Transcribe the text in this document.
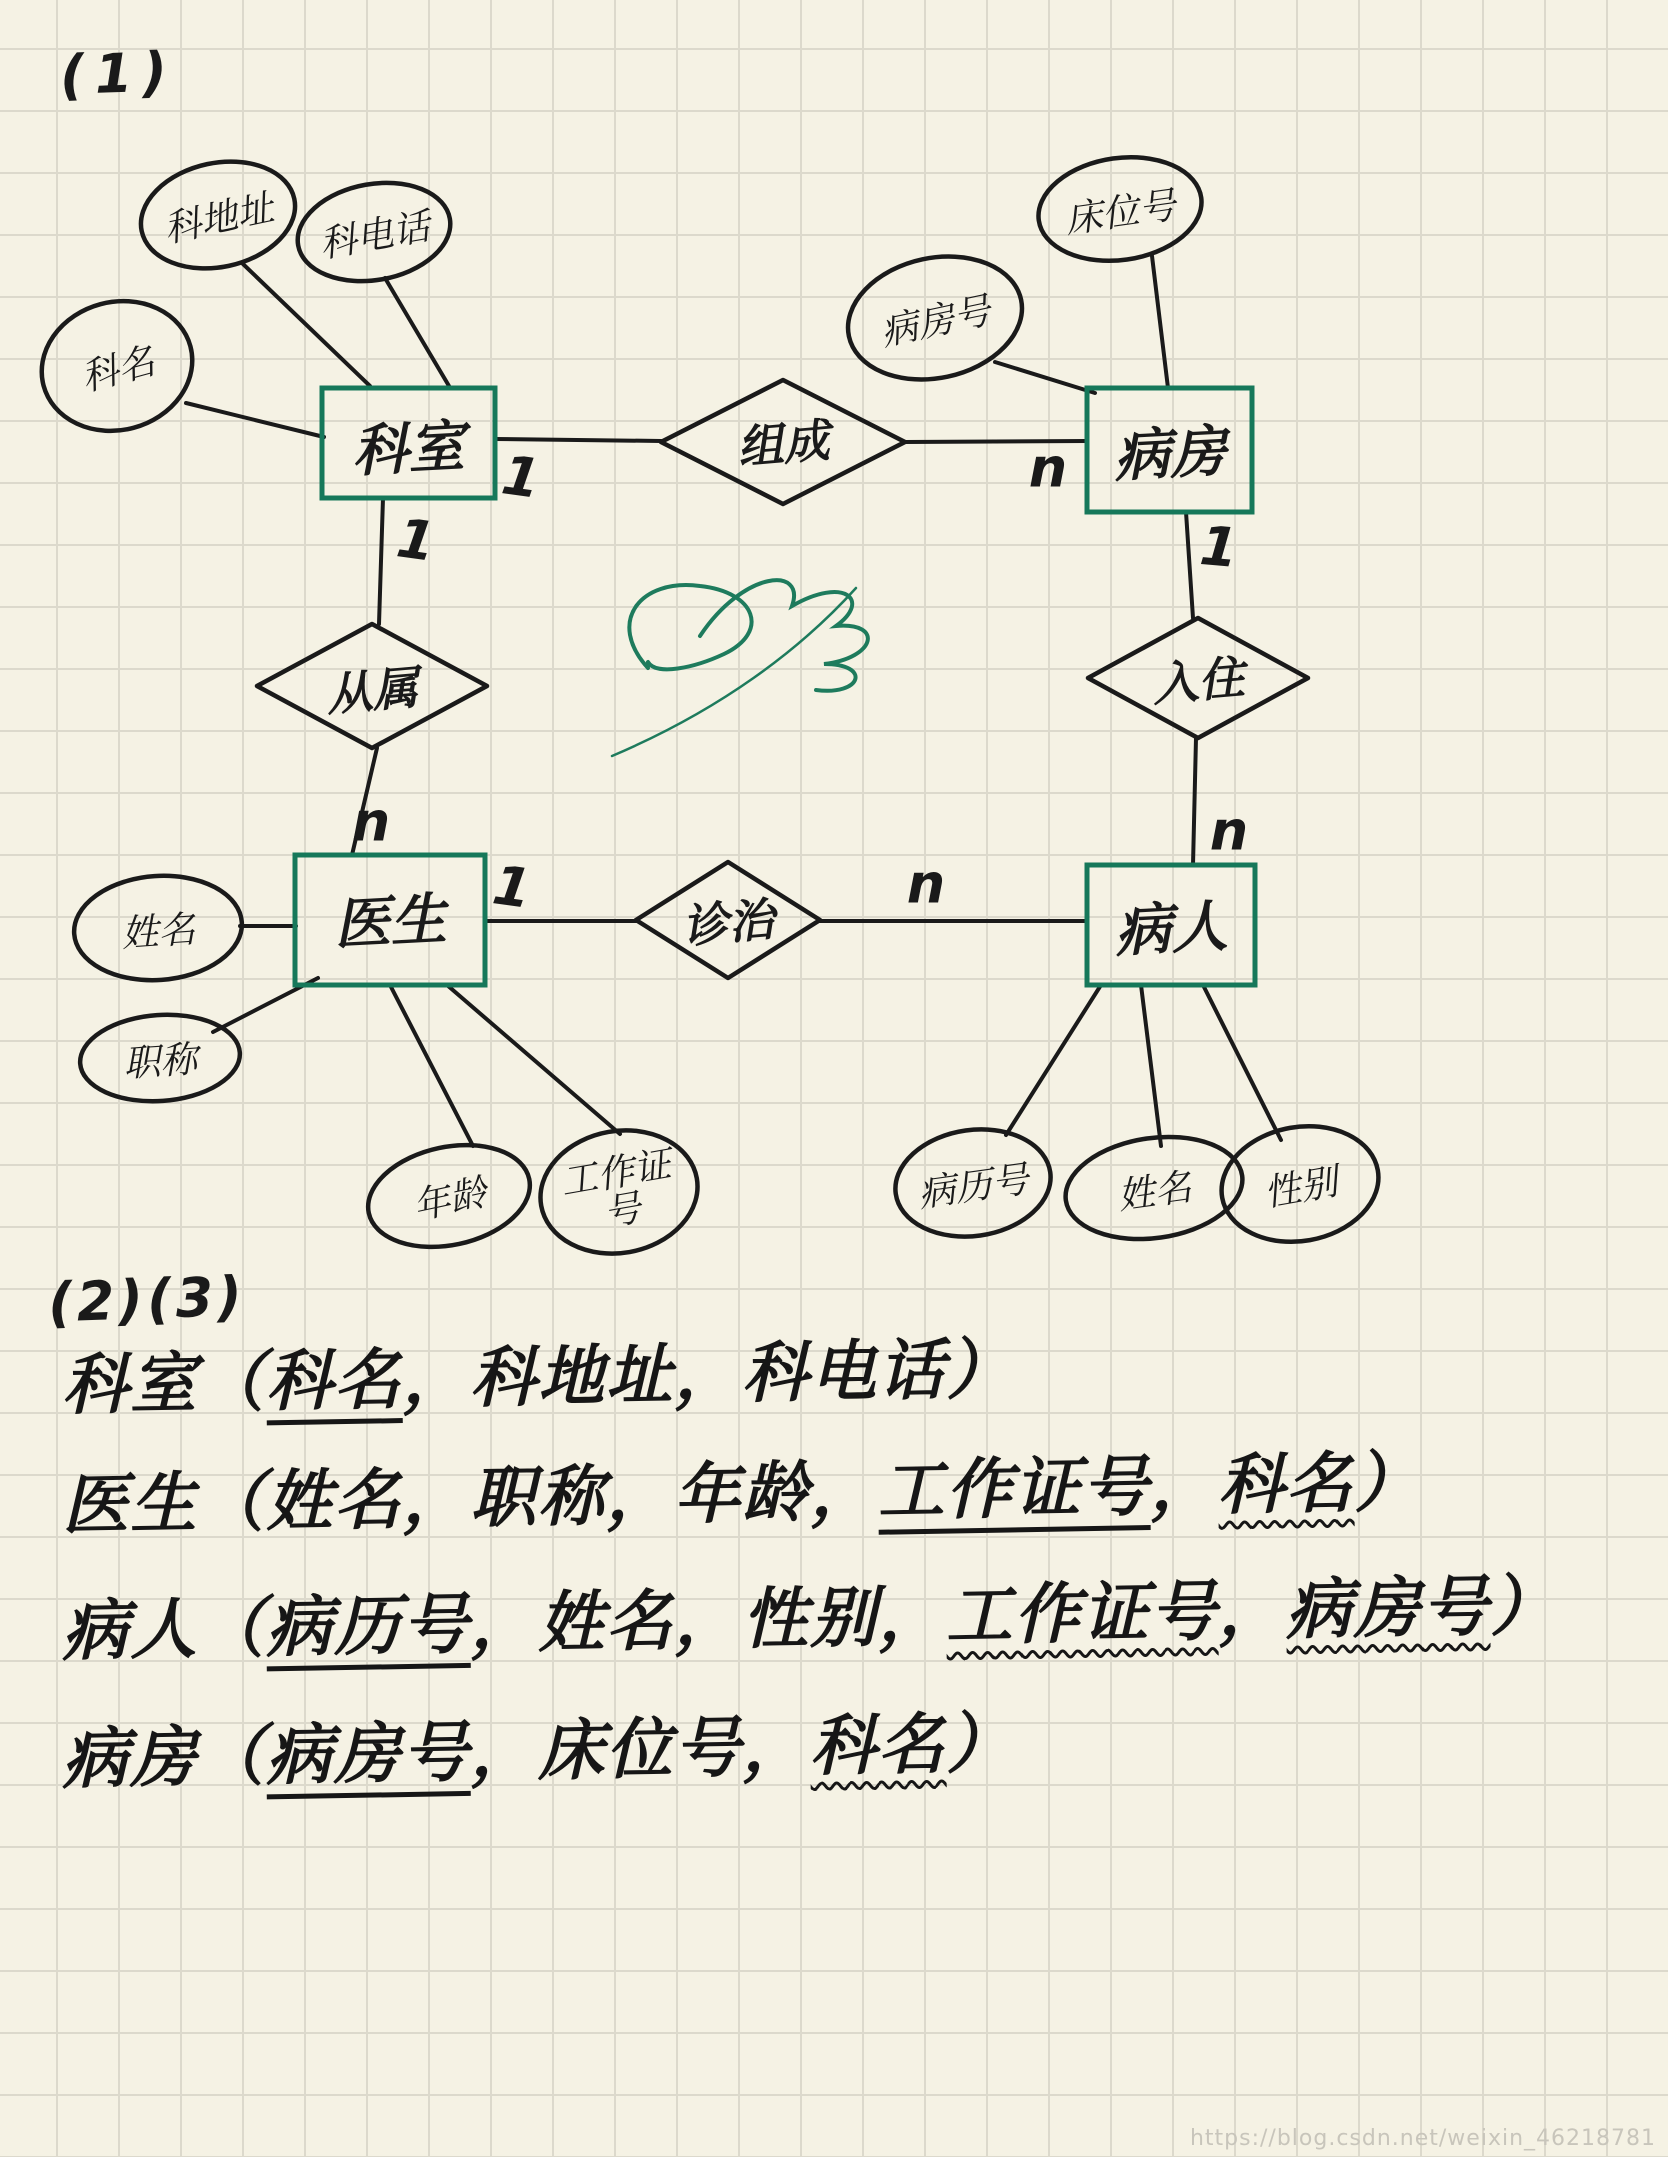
(1)
科室	病房
医生	病人
组成
从属	入住
诊治
科地址 科电话
科名
床位号
病房号
姓名
职称
年龄	工作证号	病历号 姓名 性别
1	n
1
n
1
n
1	n
(2)(3)
科室（科名，科地址，科电话）
医生（姓名，职称，年龄，工作证号，科名）
病人（病历号，姓名，性别，工作证号，病房号）
病房（病房号，床位号，科名）
https://blog.csdn.net/weixin_46218781
